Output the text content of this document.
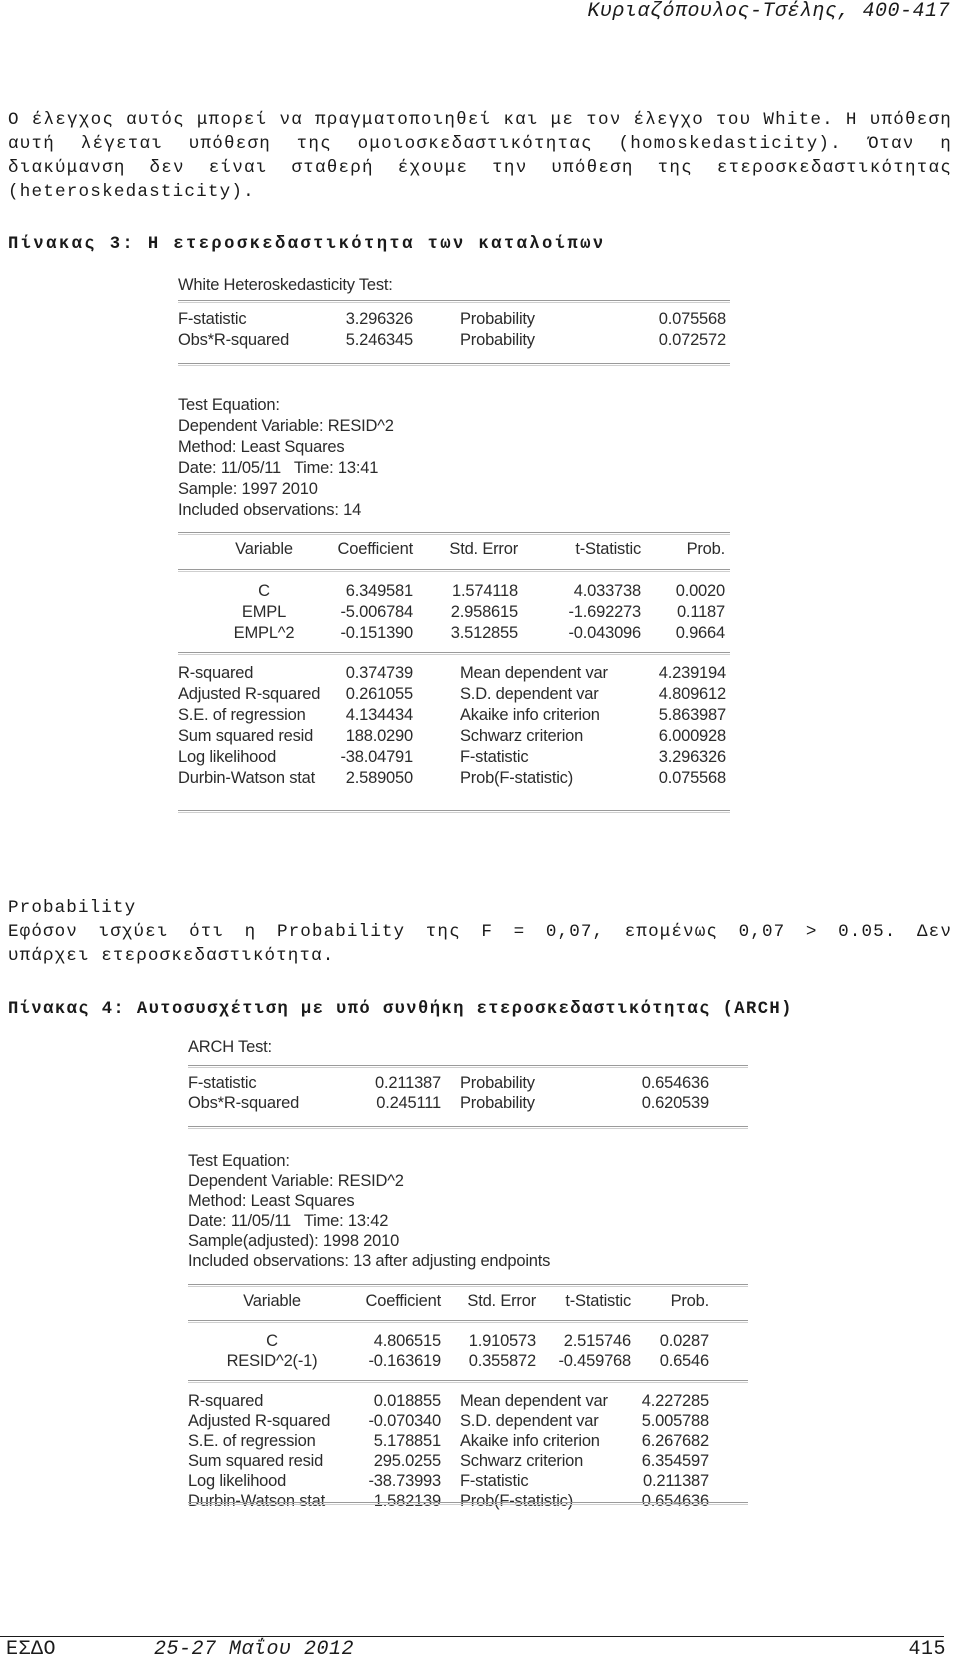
Κυριαζόπουλος-Τσέλης, 400-417

Ο έλεγχος αυτός μπορεί να πραγματοποιηθεί και με τον έλεγχο του White. Η υπόθεση αυτή λέγεται υπόθεση της ομοιοσκεδαστικότητας (homoskedasticity). Όταν η διακύμανση δεν είναι σταθερή έχουμε την υπόθεση της ετεροσκεδαστικότητας (heteroskedasticity).

Πίνακας 3: Η ετεροσκεδαστικότητα των καταλοίπων

White Heteroskedasticity Test:
F-statistic	3.296326	Probability	0.075568
Obs*R-squared	5.246345	Probability	0.072572
Test Equation:
Dependent Variable: RESID^2
Method: Least Squares
Date: 11/05/11   Time: 13:41
Sample: 1997 2010
Included observations: 14
Variable	Coefficient	Std. Error	t-Statistic	Prob.
C	6.349581	1.574118	4.033738	0.0020
EMPL	-5.006784	2.958615	-1.692273	0.1187
EMPL^2	-0.151390	3.512855	-0.043096	0.9664
R-squared	0.374739	Mean dependent var	4.239194
Adjusted R-squared	0.261055	S.D. dependent var	4.809612
S.E. of regression	4.134434	Akaike info criterion	5.863987
Sum squared resid	188.0290	Schwarz criterion	6.000928
Log likelihood	-38.04791	F-statistic	3.296326
Durbin-Watson stat	2.589050	Prob(F-statistic)	0.075568

Probability

Εφόσον ισχύει ότι η Probability της F = 0,07, επομένως 0,07 > 0.05. Δεν

υπάρχει ετεροσκεδαστικότητα.

Πίνακας 4: Αυτοσυσχέτιση με υπό συνθήκη ετεροσκεδαστικότητας (ARCH)

ARCH Test:
F-statistic	0.211387 Probability	0.654636
Obs*R-squared	0.245111 Probability	0.620539
Test Equation:
Dependent Variable: RESID^2
Method: Least Squares
Date: 11/05/11   Time: 13:42
Sample(adjusted): 1998 2010
Included observations: 13 after adjusting endpoints
Variable	Coefficient	Std. Error	t-Statistic	Prob.
C	4.806515	1.910573	2.515746	0.0287
RESID^2(-1)	-0.163619	0.355872	-0.459768	0.6546
R-squared	0.018855 Mean dependent var	4.227285
Adjusted R-squared	-0.070340 S.D. dependent var	5.005788
S.E. of regression	5.178851 Akaike info criterion	6.267682
Sum squared resid	295.0255 Schwarz criterion	6.354597
Log likelihood	-38.73993 F-statistic	0.211387
Durbin-Watson stat	1.582139 Prob(F-statistic)	0.654636
ΕΣΔΟ	25-27 Μαΐου 2012	415
